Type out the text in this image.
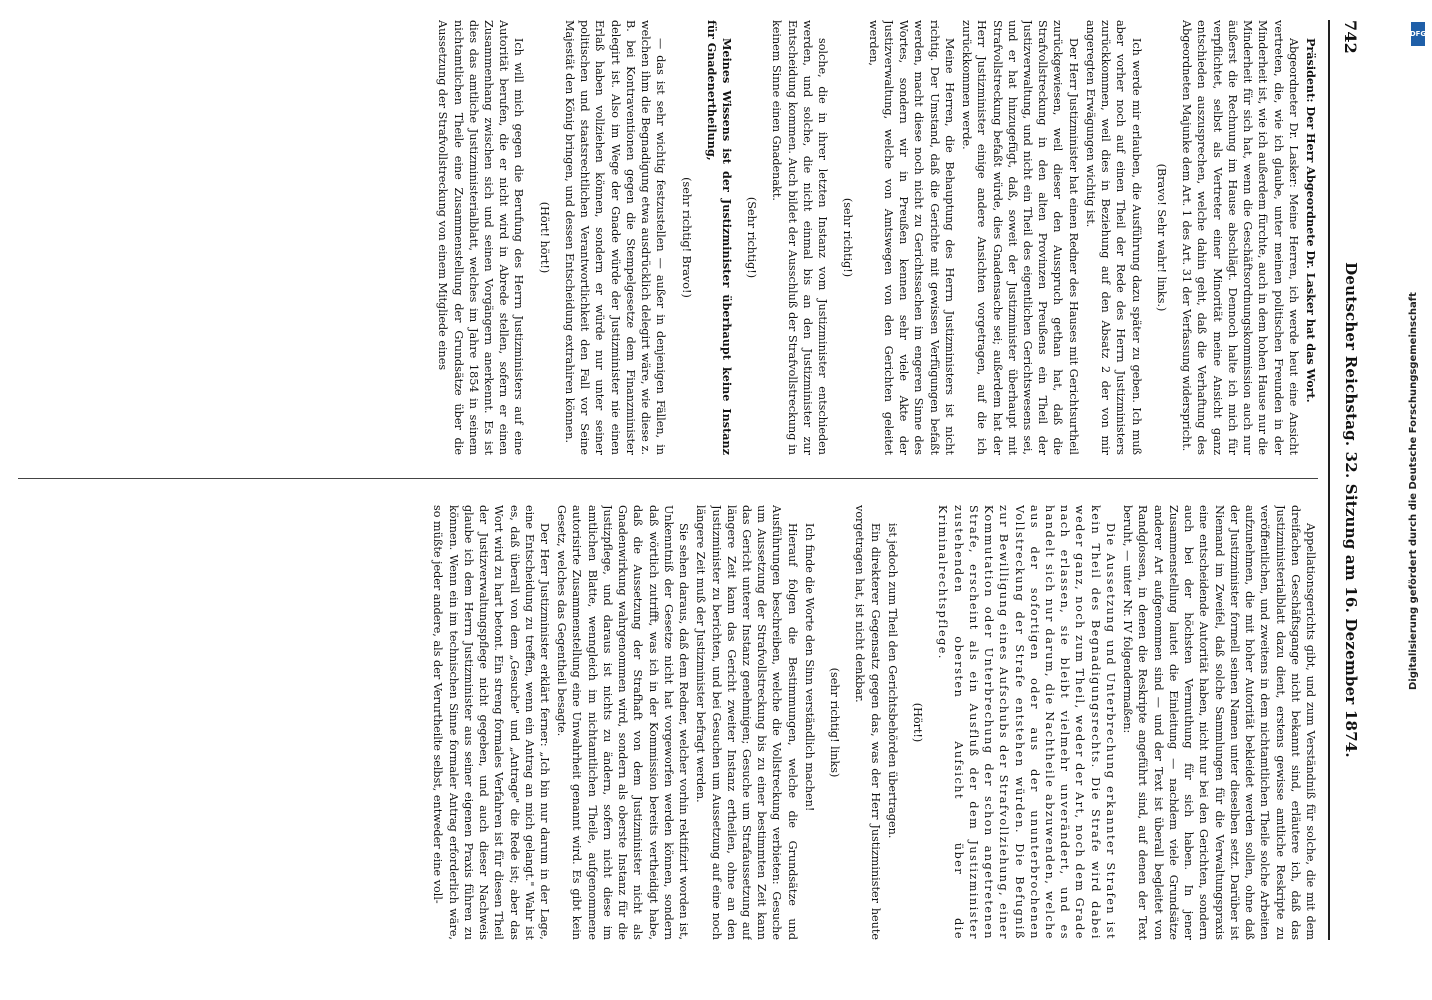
742
Deutscher Reichstag. 32. Sitzung am 16. Dezember 1874.

Präsident: Der Herr Abgeordnete Dr. Lasker hat das Wort.

Abgeordneter Dr. Lasker: Meine Herren, ich werde heut eine Ansicht vertreten, die, wie ich glaube, unter meinen politischen Freunden in der Minderheit ist, wie ich außerdem fürchte, auch in dem hohen Hause nur die Minderheit für sich hat, wenn die Geschäftsordnungskommission auch nur äußerst die Rechnung im Hause abschlägt. Dennoch halte ich mich für verpflichtet, selbst als Vertreter einer Minorität meine Ansicht ganz entschieden auszusprechen, welche dahin geht, daß die Verhaftung des Abgeordneten Majunke dem Art. 1 des Art. 31 der Verfassung widerspricht.

(Bravo! Sehr wahr! links.)

Ich werde mir erlauben, die Ausführung dazu später zu geben. Ich muß aber vorher noch auf einen Theil der Rede des Herrn Justizministers zurückkommen, weil dies in Beziehung auf den Absatz 2 der von mir angeregten Erwägungen wichtig ist.

Der Herr Justizminister hat einen Redner des Hauses mit Gerichtsurtheil zurückgewiesen, weil dieser den Ausspruch gethan hat, daß die Strafvollstreckung in den alten Provinzen Preußens ein Theil der Justizverwaltung, und nicht ein Theil des eigentlichen Gerichtswesens sei, und er hat hinzugefügt, daß, soweit der Justizminister überhaupt mit Strafvollstreckung befaßt würde, dies Gnadensache sei; außerdem hat der Herr Justizminister einige andere Ansichten vorgetragen, auf die ich zurückkommen werde.

Meine Herren, die Behauptung des Herrn Justizministers ist nicht richtig. Der Umstand, daß die Gerichte mit gewissen Verfügungen befaßt werden, macht diese noch nicht zu Gerichtssachen im engeren Sinne des Wortes, sondern wir in Preußen kennen sehr viele Akte der Justizverwaltung, welche von Amtswegen von den Gerichten geleitet werden,

(sehr richtig!)

solche, die in ihrer letzten Instanz vom Justizminister entschieden werden, und solche, die nicht einmal bis an den Justizminister zur Entscheidung kommen. Auch bildet der Ausschluß der Strafvollstreckung in keinem Sinne einen Gnadenakt.

(Sehr richtig!)

Meines Wissens ist der Justizminister überhaupt keine Instanz für Gnadenertheilung,

(sehr richtig! Bravo!)

— das ist sehr wichtig festzustellen — außer in denjenigen Fällen, in welchen ihm die Begnadigung etwa ausdrücklich delegirt wäre, wie diese z. B. bei Kontraventionen gegen die Stempelgesetze dem Finanzminister delegirt ist. Also im Wege der Gnade würde der Justizminister nie einen Erlaß haben vollziehen können, sondern er würde nur unter seiner politischen und staatsrechtlichen Verantwortlichkeit den Fall vor Seine Majestät den König bringen, und dessen Entscheidung extrahiren können.

(Hört! hört!)

Ich will mich gegen die Berufung des Herrn Justizministers auf eine Autorität berufen, die er nicht wird in Abrede stellen, sofern er einen Zusammenhang zwischen sich und seinen Vorgängern anerkennt. Es ist dies das amtliche Justizministerialblatt, welches im Jahre 1854 in seinem nichtamtlichen Theile eine Zusammenstellung der Grundsätze über die Aussetzung der Strafvollstreckung von einem Mitgliede eines

Appellationsgerichts gibt, und zum Verständniß für solche, die mit dem dreifachen Geschäftsgange nicht bekannt sind, erläutere ich, daß das Justizministerialblatt dazu dient, erstens gewisse amtliche Reskripte zu veröffentlichen, und zweitens in dem nichtamtlichen Theile solche Arbeiten aufzunehmen, die mit hoher Autorität bekleidet werden sollen, ohne daß der Justizminister formell seinen Namen unter dieselben setzt. Darüber ist Niemand im Zweifel, daß solche Sammlungen für die Verwaltungspraxis eine entscheidende Autorität haben, nicht nur bei den Gerichten, sondern auch bei der höchsten Vermuthung für sich haben. In jener Zusammenstellung lautet die Einleitung — nachdem viele Grundsätze anderer Art aufgenommen sind — und der Text ist überall begleitet von Randglossen, in denen die Reskripte angeführt sind, auf denen der Text beruht, — unter Nr. IV folgendermaßen:

Die Aussetzung und Unterbrechung erkannter Strafen ist kein Theil des Begnadigungsrechts. Die Strafe wird dabei weder ganz, noch zum Theil, weder der Art, noch dem Grade nach erlassen, sie bleibt vielmehr unverändert, und es handelt sich nur darum, die Nachtheile abzuwenden, welche aus der sofortigen oder aus der ununterbrochenen Vollstreckung der Strafe entstehen würden. Die Befugniß zur Bewilligung eines Aufschubs der Strafvollziehung, einer Kommutation oder Unterbrechung der schon angetretenen Strafe, erscheint als ein Ausfluß der dem Justizminister zustehenden obersten Aufsicht über die Kriminalrechtspflege.

(Hört!)

ist jedoch zum Theil den Gerichtsbehörden übertragen.

Ein direkterer Gegensatz gegen das, was der Herr Justizminister heute vorgetragen hat, ist nicht denkbar.

(sehr richtig! links)

Ich finde die Worte den Sinn verständlich machen!

Hierauf folgen die Bestimmungen, welche die Grundsätze und Ausführungen beschreiben, welche die Vollstreckung verbieten: Gesuche um Aussetzung der Strafvollstreckung bis zu einer bestimmten Zeit kann das Gericht unterer Instanz genehmigen; Gesuche um Strafaussetzung auf längere Zeit kann das Gericht zweiter Instanz ertheilen, ohne an den Justizminister zu berichten, und bei Gesuchen um Aussetzung auf eine noch längere Zeit muß der Justizminister befragt werden.

Sie sehen daraus, daß dem Redner, welcher vorhin rektifizirt worden ist, Unkenntniß der Gesetze nicht hat vorgeworfen werden können, sondern daß wörtlich zutrifft, was ich in der Kommission bereits vertheidigt habe, daß die Aussetzung der Strafhaft von dem Justizminister nicht als Gnadenwirkung wahrgenommen wird, sondern als oberste Instanz für die Justizpflege, und daraus ist nichts zu ändern, sofern nicht diese im amtlichen Blatte, wenngleich im nichtamtlichen Theile, aufgenommene autorisirte Zusammenstellung eine Unwahrheit genannt wird. Es gibt kein Gesetz, welches das Gegentheil besagte.

Der Herr Justizminister erklärt ferner: „Ich bin nur darum in der Lage, eine Entscheidung zu treffen, wenn ein Antrag an mich gelangt." Wahr ist es, daß überall von dem „Gesuche" und „Antrage" die Rede ist; aber das Wort wird zu hart betont. Ein streng formales Verfahren ist für diesen Theil der Justizverwaltungspflege nicht gegeben, und auch dieser Nachweis glaube ich dem Herrn Justizminister aus seiner eigenen Praxis führen zu können. Wenn ein im technischen Sinne formaler Antrag erforderlich wäre, so müßte jeder andere, als der Verurtheilte selbst, entweder eine voll-

DFG
Digitalisierung gefördert durch die Deutsche Forschungsgemeinschaft
